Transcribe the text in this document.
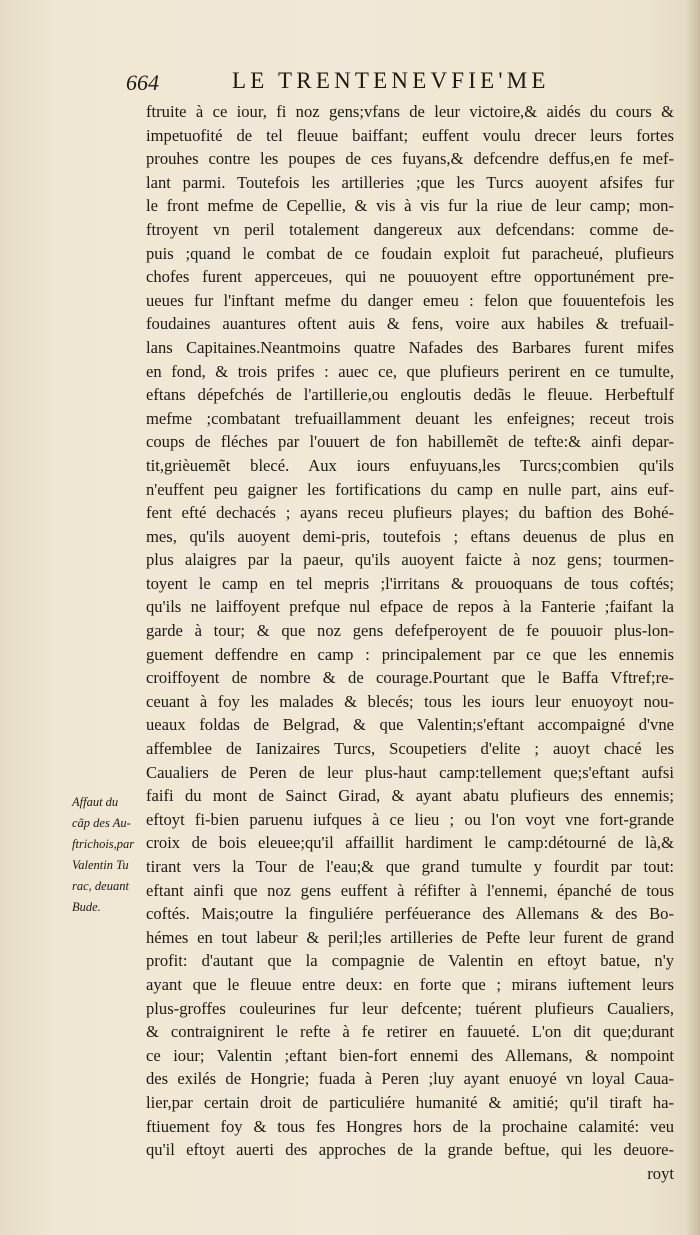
664	LE TRENTENEVFIE'ME
ftruite à ce iour, fi noz gens;vfans de leur victoire,& aidés du cours &
impetuofité de tel fleuue baiffant; euffent voulu drecer leurs fortes
prouhes contre les poupes de ces fuyans,& defcendre deffus,en fe mef-
lant parmi. Toutefois les artilleries ;que les Turcs auoyent afsifes fur
le front mefme de Cepellie, & vis à vis fur la riue de leur camp; mon-
ftroyent vn peril totalement dangereux aux defcendans: comme de-
puis ;quand le combat de ce foudain exploit fut paracheué, plufieurs
chofes furent apperceues, qui ne pouuoyent eftre opportunément pre-
ueues fur l'inftant mefme du danger emeu : felon que fouuentefois les
foudaines auantures oftent auis & fens, voire aux habiles & trefuail-
lans Capitaines.Neantmoins quatre Nafades des Barbares furent mifes
en fond, & trois prifes : auec ce, que plufieurs perirent en ce tumulte,
eftans dépefchés de l'artillerie,ou engloutis dedãs le fleuue. Herbeftulf
mefme ;combatant trefuaillamment deuant les enfeignes; receut trois
coups de fléches par l'ouuert de fon habillemẽt de tefte:& ainfi depar-
tit,grièuemẽt blecé. Aux iours enfuyuans,les Turcs;combien qu'ils
n'euffent peu gaigner les fortifications du camp en nulle part, ains euf-
fent efté dechacés ; ayans receu plufieurs playes; du baftion des Bohé-
mes, qu'ils auoyent demi-pris, toutefois ; eftans deuenus de plus en
plus alaigres par la paeur, qu'ils auoyent faicte à noz gens; tourmen-
toyent le camp en tel mepris ;l'irritans & prouoquans de tous coftés;
qu'ils ne laiffoyent prefque nul efpace de repos à la Fanterie ;faifant la
garde à tour; & que noz gens defefperoyent de fe pouuoir plus-lon-
guement deffendre en camp : principalement par ce que les ennemis
croiffoyent de nombre & de courage.Pourtant que le Baffa Vftref;re-
ceuant à foy les malades & blecés; tous les iours leur enuoyoyt nou-
ueaux foldas de Belgrad, & que Valentin;s'eftant accompaigné d'vne
affemblee de Ianizaires Turcs, Scoupetiers d'elite ; auoyt chacé les
Caualiers de Peren de leur plus-haut camp:tellement que;s'eftant aufsi
faifi du mont de Sainct Girad, & ayant abatu plufieurs des ennemis;
eftoyt fi-bien paruenu iufques à ce lieu ; ou l'on voyt vne fort-grande
croix de bois eleuee;qu'il affaillit hardiment le camp:détourné de là,&
tirant vers la Tour de l'eau;& que grand tumulte y fourdit par tout:
eftant ainfi que noz gens euffent à réfifter à l'ennemi, épanché de tous
coftés. Mais;outre la finguliére perféuerance des Allemans & des Bo-
hémes en tout labeur & peril;les artilleries de Pefte leur furent de grand
profit: d'autant que la compagnie de Valentin en eftoyt batue, n'y
ayant que le fleuue entre deux: en forte que ; mirans iuftement leurs
plus-groffes couleurines fur leur defcente; tuérent plufieurs Caualiers,
& contraignirent le refte à fe retirer en fauueté. L'on dit que;durant
ce iour; Valentin ;eftant bien-fort ennemi des Allemans, & nompoint
des exilés de Hongrie; fuada à Peren ;luy ayant enuoyé vn loyal Caua-
lier,par certain droit de particuliére humanité & amitié; qu'il tiraft ha-
ftiuement foy & tous fes Hongres hors de la prochaine calamité: veu
qu'il eftoyt auerti des approches de la grande beftue, qui les deuore-
royt
Affaut du
cãp des Au-
ftrichois,par
Valentin Tu
rac, deuant
Bude.
